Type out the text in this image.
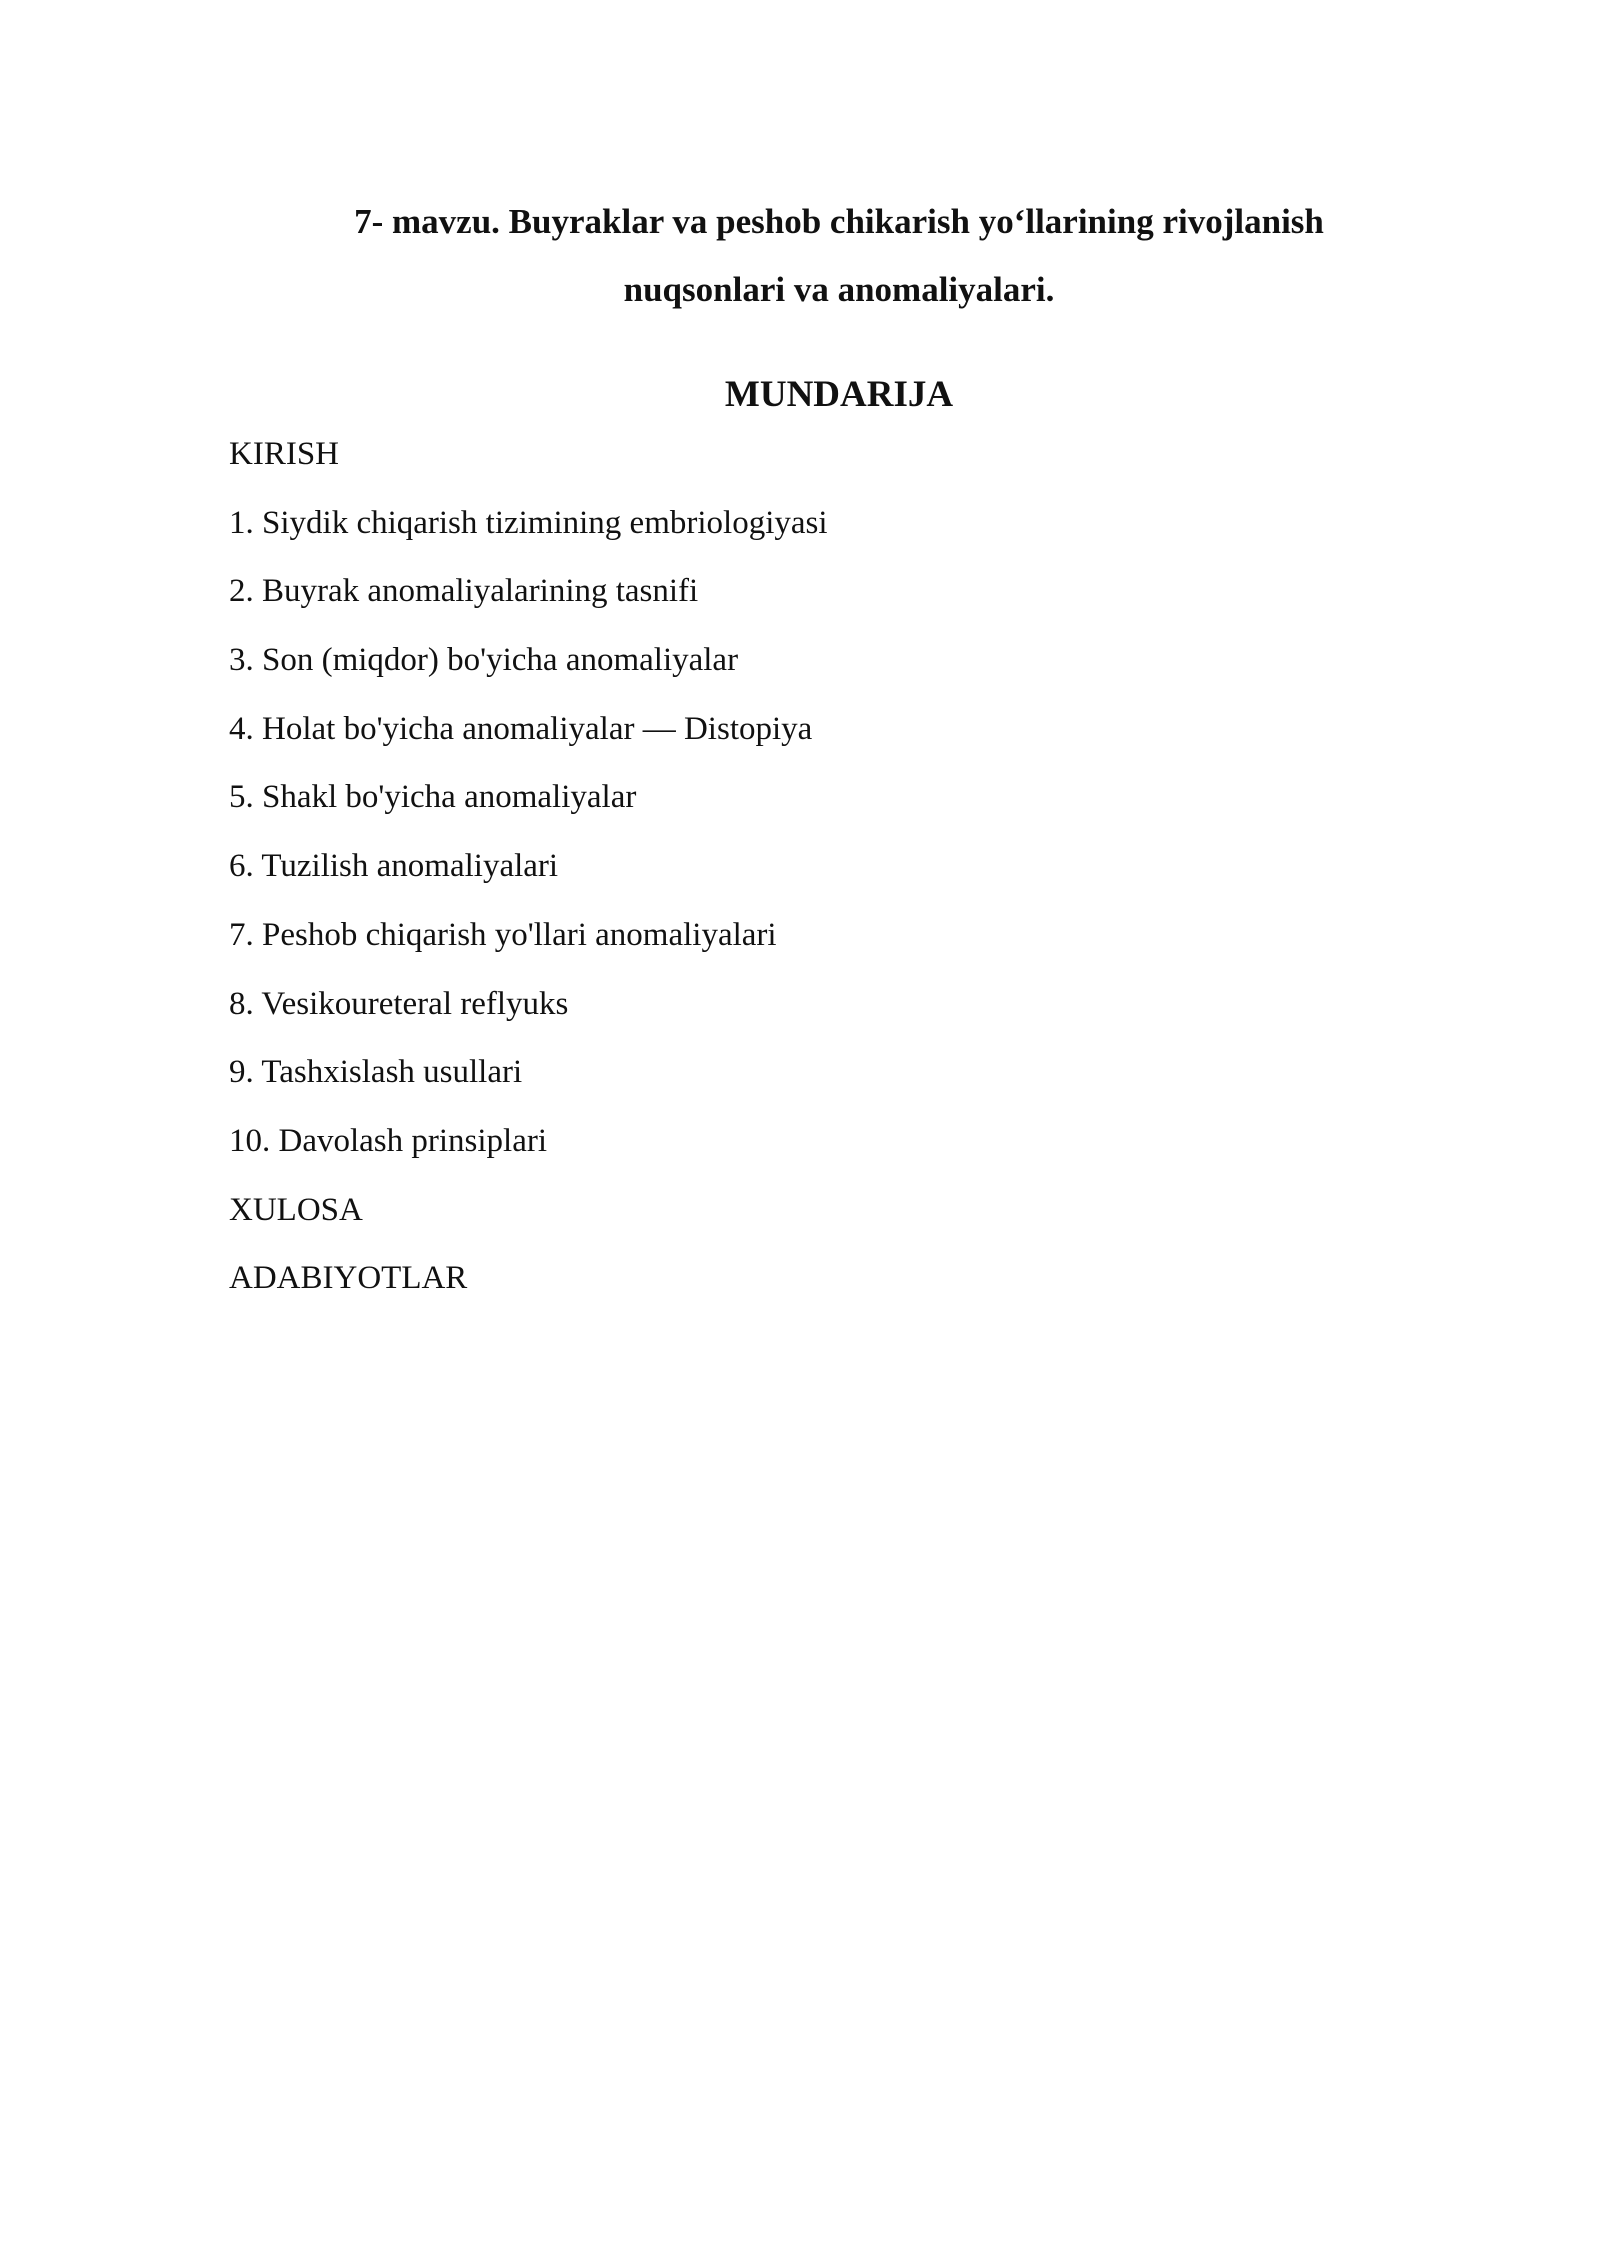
7- mavzu. Buyraklar va peshob chikarish yo‘llarining rivojlanish
nuqsonlari va anomaliyalari.
MUNDARIJA
KIRISH
1. Siydik chiqarish tizimining embriologiyasi
2. Buyrak anomaliyalarining tasnifi
3. Son (miqdor) bo'yicha anomaliyalar
4. Holat bo'yicha anomaliyalar — Distopiya
5. Shakl bo'yicha anomaliyalar
6. Tuzilish anomaliyalari
7. Peshob chiqarish yo'llari anomaliyalari
8. Vesikoureteral reflyuks
9. Tashxislash usullari
10. Davolash prinsiplari
XULOSA
ADABIYOTLAR
